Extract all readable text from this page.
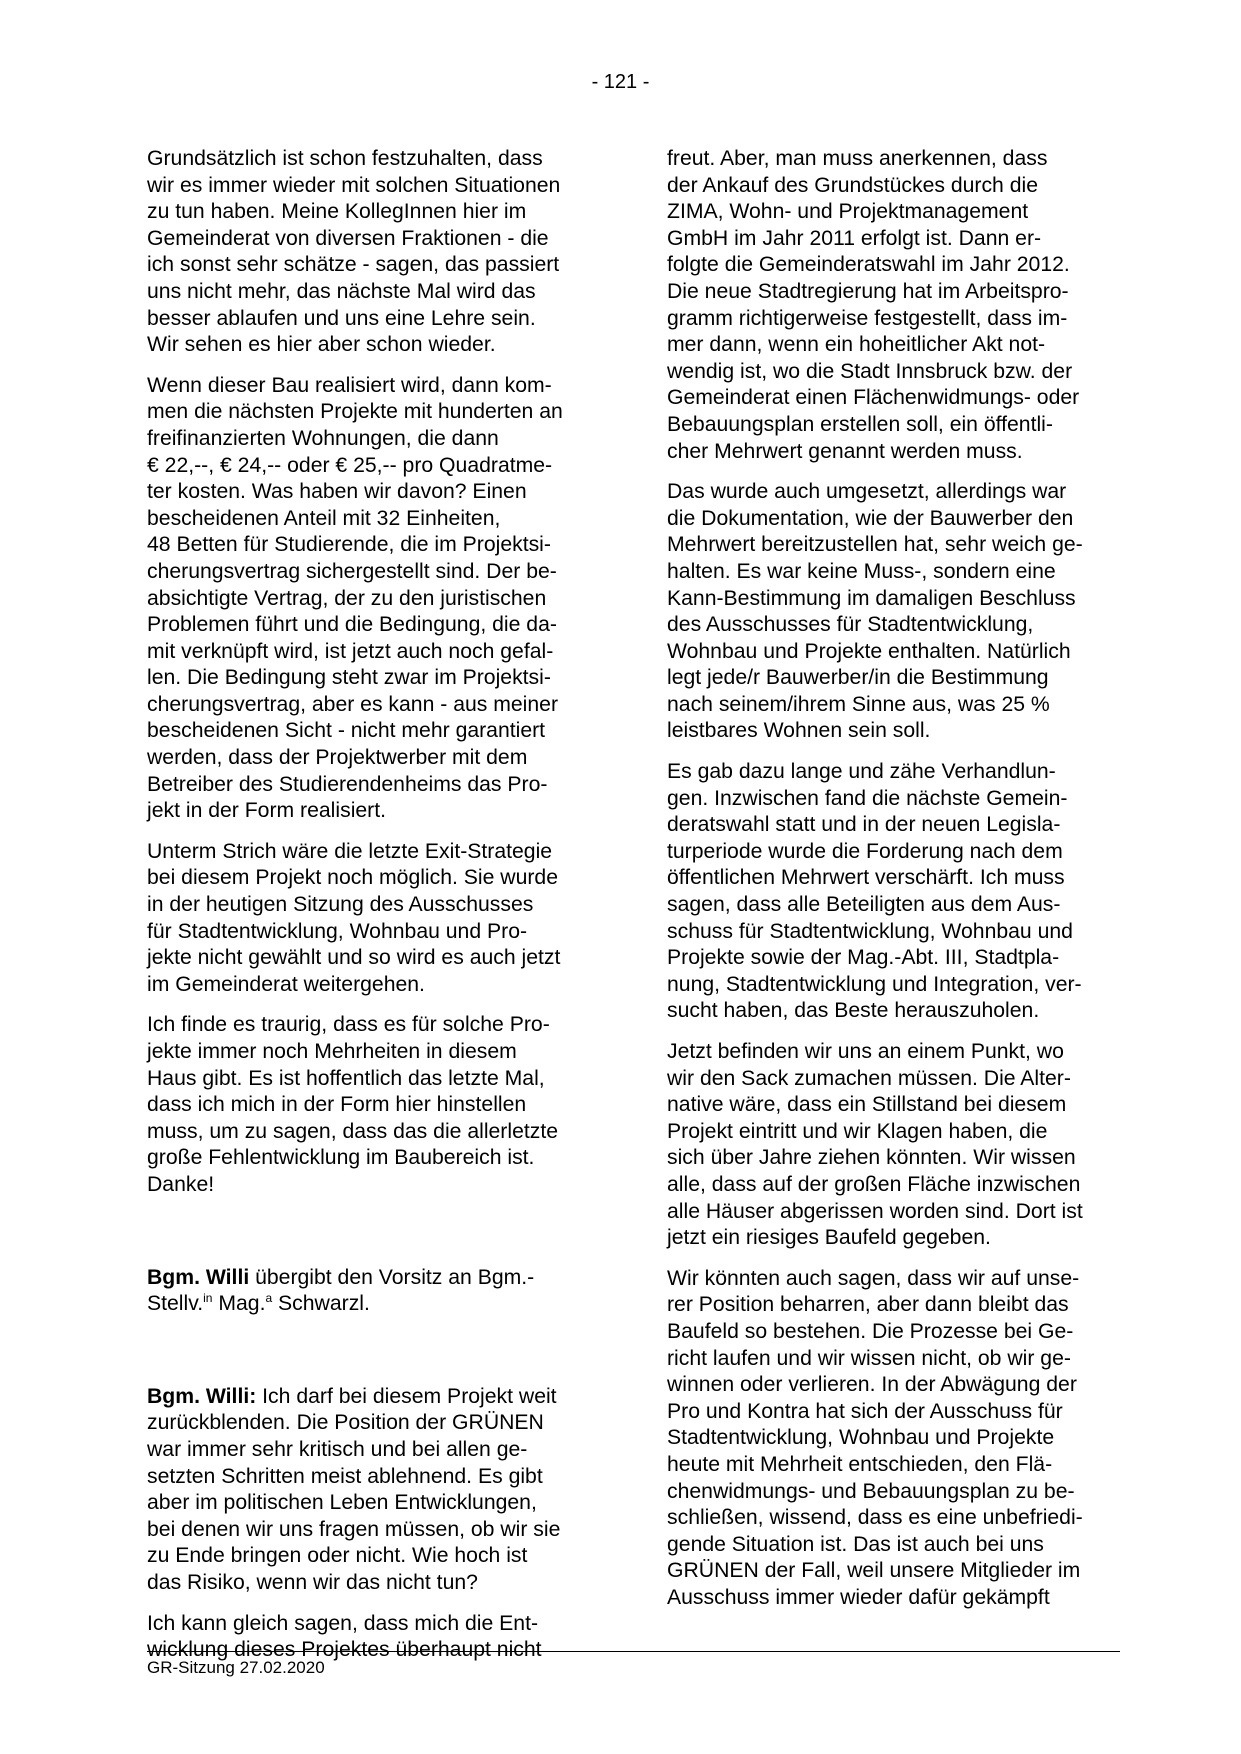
- 121 -

Grundsätzlich ist schon festzuhalten, dass
wir es immer wieder mit solchen Situationen
zu tun haben. Meine KollegInnen hier im
Gemeinderat von diversen Fraktionen - die
ich sonst sehr schätze - sagen, das passiert
uns nicht mehr, das nächste Mal wird das
besser ablaufen und uns eine Lehre sein.
Wir sehen es hier aber schon wieder.

Wenn dieser Bau realisiert wird, dann kom-
men die nächsten Projekte mit hunderten an
freifinanzierten Wohnungen, die dann
€ 22,--, € 24,-- oder € 25,-- pro Quadratme-
ter kosten. Was haben wir davon? Einen
bescheidenen Anteil mit 32 Einheiten,
48 Betten für Studierende, die im Projektsi-
cherungsvertrag sichergestellt sind. Der be-
absichtigte Vertrag, der zu den juristischen
Problemen führt und die Bedingung, die da-
mit verknüpft wird, ist jetzt auch noch gefal-
len. Die Bedingung steht zwar im Projektsi-
cherungsvertrag, aber es kann - aus meiner
bescheidenen Sicht - nicht mehr garantiert
werden, dass der Projektwerber mit dem
Betreiber des Studierendenheims das Pro-
jekt in der Form realisiert.

Unterm Strich wäre die letzte Exit-Strategie
bei diesem Projekt noch möglich. Sie wurde
in der heutigen Sitzung des Ausschusses
für Stadtentwicklung, Wohnbau und Pro-
jekte nicht gewählt und so wird es auch jetzt
im Gemeinderat weitergehen.

Ich finde es traurig, dass es für solche Pro-
jekte immer noch Mehrheiten in diesem
Haus gibt. Es ist hoffentlich das letzte Mal,
dass ich mich in der Form hier hinstellen
muss, um zu sagen, dass das die allerletzte
große Fehlentwicklung im Baubereich ist.
Danke!

Bgm. Willi übergibt den Vorsitz an Bgm.-
Stellv.$^{in}$ Mag.$^a$ Schwarzl.

Bgm. Willi: Ich darf bei diesem Projekt weit
zurückblenden. Die Position der GRÜNEN
war immer sehr kritisch und bei allen ge-
setzten Schritten meist ablehnend. Es gibt
aber im politischen Leben Entwicklungen,
bei denen wir uns fragen müssen, ob wir sie
zu Ende bringen oder nicht. Wie hoch ist
das Risiko, wenn wir das nicht tun?

Ich kann gleich sagen, dass mich die Ent-
wicklung dieses Projektes überhaupt nicht

freut. Aber, man muss anerkennen, dass
der Ankauf des Grundstückes durch die
ZIMA, Wohn- und Projektmanagement
GmbH im Jahr 2011 erfolgt ist. Dann er-
folgte die Gemeinderatswahl im Jahr 2012.
Die neue Stadtregierung hat im Arbeitspro-
gramm richtigerweise festgestellt, dass im-
mer dann, wenn ein hoheitlicher Akt not-
wendig ist, wo die Stadt Innsbruck bzw. der
Gemeinderat einen Flächenwidmungs- oder
Bebauungsplan erstellen soll, ein öffentli-
cher Mehrwert genannt werden muss.

Das wurde auch umgesetzt, allerdings war
die Dokumentation, wie der Bauwerber den
Mehrwert bereitzustellen hat, sehr weich ge-
halten. Es war keine Muss-, sondern eine
Kann-Bestimmung im damaligen Beschluss
des Ausschusses für Stadtentwicklung,
Wohnbau und Projekte enthalten. Natürlich
legt jede/r Bauwerber/in die Bestimmung
nach seinem/ihrem Sinne aus, was 25 %
leistbares Wohnen sein soll.

Es gab dazu lange und zähe Verhandlun-
gen. Inzwischen fand die nächste Gemein-
deratswahl statt und in der neuen Legisla-
turperiode wurde die Forderung nach dem
öffentlichen Mehrwert verschärft. Ich muss
sagen, dass alle Beteiligten aus dem Aus-
schuss für Stadtentwicklung, Wohnbau und
Projekte sowie der Mag.-Abt. III, Stadtpla-
nung, Stadtentwicklung und Integration, ver-
sucht haben, das Beste herauszuholen.

Jetzt befinden wir uns an einem Punkt, wo
wir den Sack zumachen müssen. Die Alter-
native wäre, dass ein Stillstand bei diesem
Projekt eintritt und wir Klagen haben, die
sich über Jahre ziehen könnten. Wir wissen
alle, dass auf der großen Fläche inzwischen
alle Häuser abgerissen worden sind. Dort ist
jetzt ein riesiges Baufeld gegeben.

Wir könnten auch sagen, dass wir auf unse-
rer Position beharren, aber dann bleibt das
Baufeld so bestehen. Die Prozesse bei Ge-
richt laufen und wir wissen nicht, ob wir ge-
winnen oder verlieren. In der Abwägung der
Pro und Kontra hat sich der Ausschuss für
Stadtentwicklung, Wohnbau und Projekte
heute mit Mehrheit entschieden, den Flä-
chenwidmungs- und Bebauungsplan zu be-
schließen, wissend, dass es eine unbefriedi-
gende Situation ist. Das ist auch bei uns
GRÜNEN der Fall, weil unsere Mitglieder im
Ausschuss immer wieder dafür gekämpft

GR-Sitzung 27.02.2020
